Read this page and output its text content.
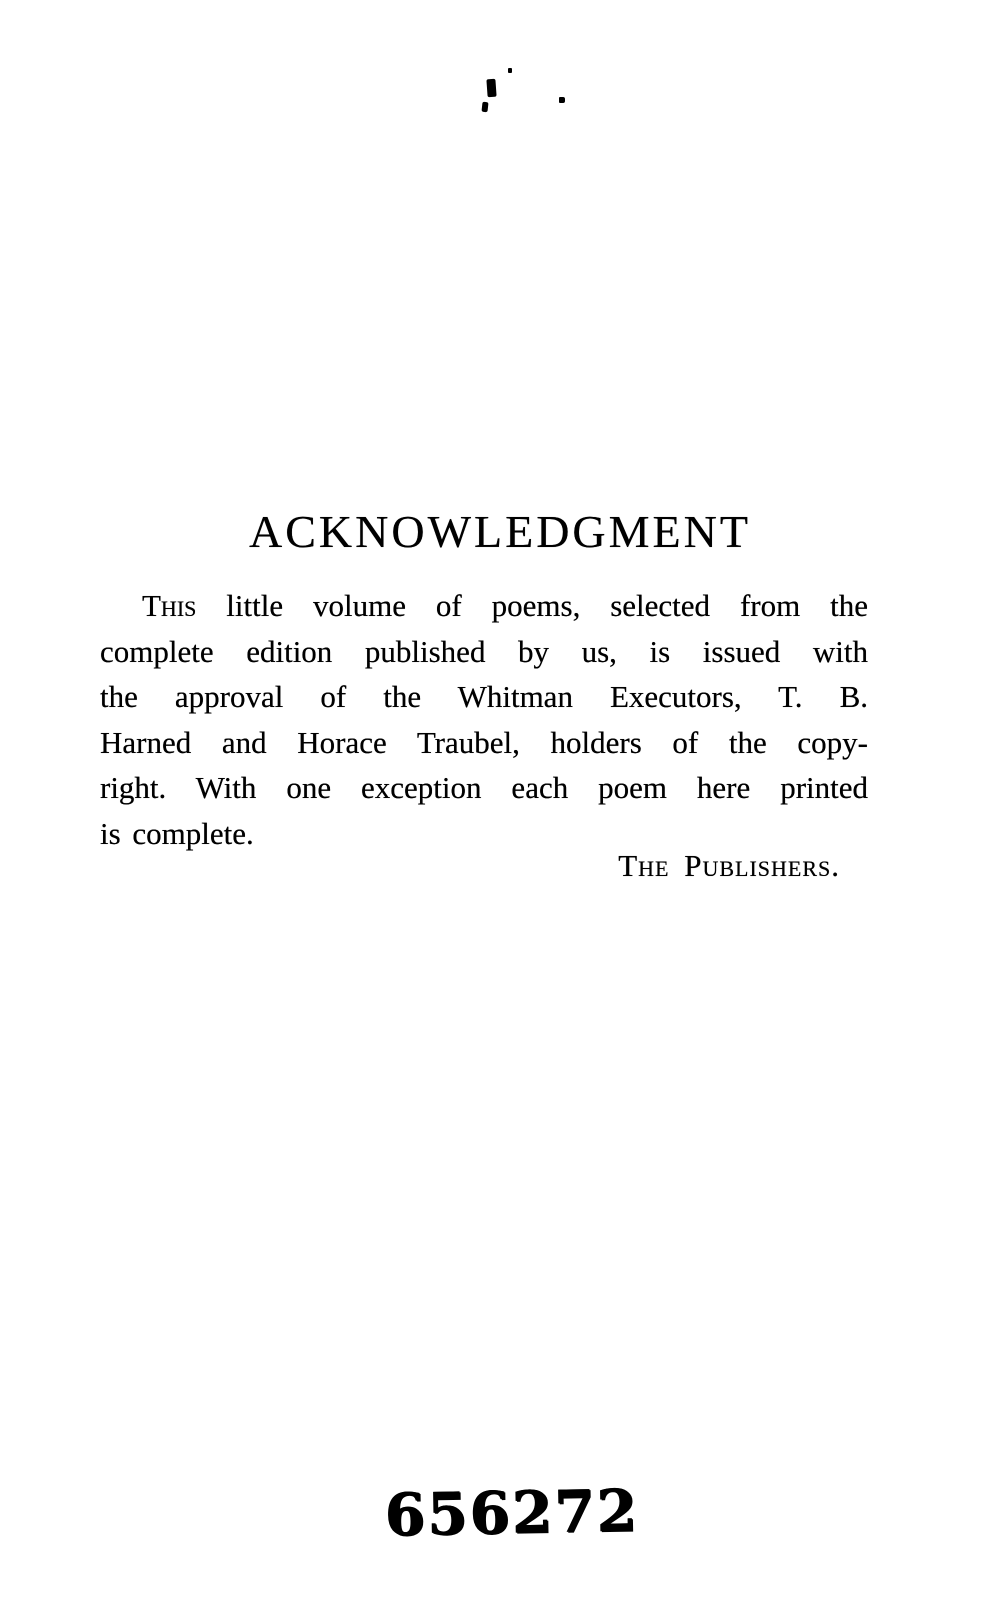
ACKNOWLEDGMENT
This little volume of poems, selected from the
complete edition published by us, is issued with
the approval of the Whitman Executors, T. B.
Harned and Horace Traubel, holders of the copy-
right. With one exception each poem here printed
is complete.
The Publishers.
656272
